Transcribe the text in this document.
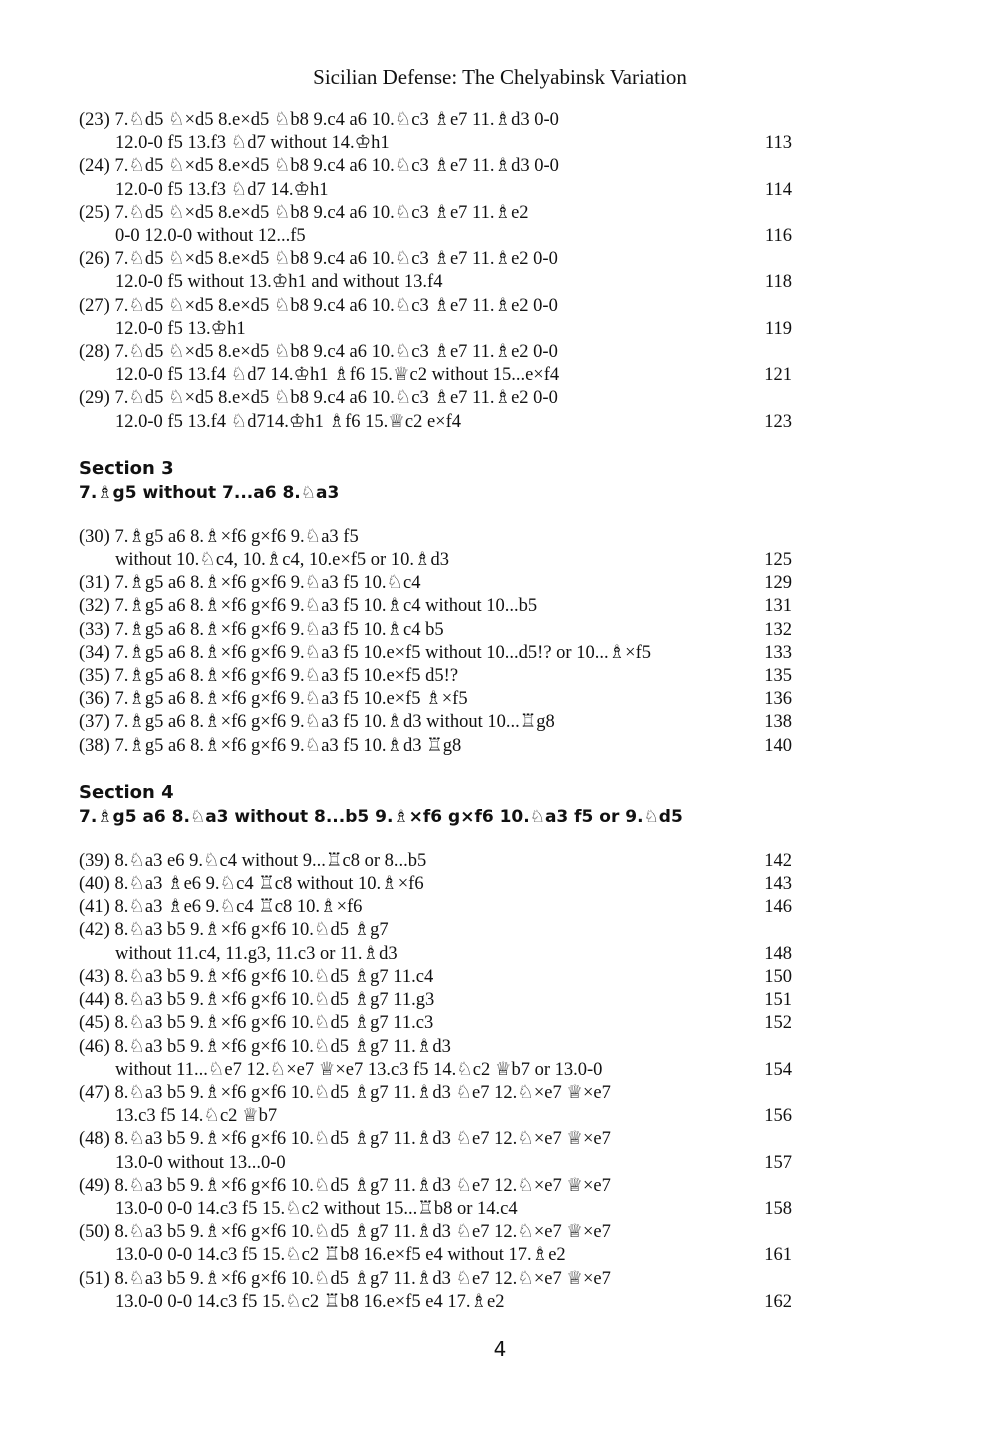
Sicilian Defense: The Chelyabinsk Variation
(23) 7.♘d5 ♘×d5 8.e×d5 ♘b8 9.c4 a6 10.♘c3 ♗e7 11.♗d3 0-0
12.0-0 f5 13.f3 ♘d7 without 14.♔h1	113
(24) 7.♘d5 ♘×d5 8.e×d5 ♘b8 9.c4 a6 10.♘c3 ♗e7 11.♗d3 0-0
12.0-0 f5 13.f3 ♘d7 14.♔h1	114
(25) 7.♘d5 ♘×d5 8.e×d5 ♘b8 9.c4 a6 10.♘c3 ♗e7 11.♗e2
0-0 12.0-0 without 12...f5	116
(26) 7.♘d5 ♘×d5 8.e×d5 ♘b8 9.c4 a6 10.♘c3 ♗e7 11.♗e2 0-0
12.0-0 f5 without 13.♔h1 and without 13.f4	118
(27) 7.♘d5 ♘×d5 8.e×d5 ♘b8 9.c4 a6 10.♘c3 ♗e7 11.♗e2 0-0
12.0-0 f5 13.♔h1	119
(28) 7.♘d5 ♘×d5 8.e×d5 ♘b8 9.c4 a6 10.♘c3 ♗e7 11.♗e2 0-0
12.0-0 f5 13.f4 ♘d7 14.♔h1 ♗f6 15.♕c2 without 15...e×f4	121
(29) 7.♘d5 ♘×d5 8.e×d5 ♘b8 9.c4 a6 10.♘c3 ♗e7 11.♗e2 0-0
12.0-0 f5 13.f4 ♘d714.♔h1 ♗f6 15.♕c2 e×f4	123
Section 3
7.♗g5 without 7...a6 8.♘a3
(30) 7.♗g5 a6 8.♗×f6 g×f6 9.♘a3 f5
without 10.♘c4, 10.♗c4, 10.e×f5 or 10.♗d3	125
(31) 7.♗g5 a6 8.♗×f6 g×f6 9.♘a3 f5 10.♘c4	129
(32) 7.♗g5 a6 8.♗×f6 g×f6 9.♘a3 f5 10.♗c4 without 10...b5	131
(33) 7.♗g5 a6 8.♗×f6 g×f6 9.♘a3 f5 10.♗c4 b5	132
(34) 7.♗g5 a6 8.♗×f6 g×f6 9.♘a3 f5 10.e×f5 without 10...d5!? or 10...♗×f5	133
(35) 7.♗g5 a6 8.♗×f6 g×f6 9.♘a3 f5 10.e×f5 d5!?	135
(36) 7.♗g5 a6 8.♗×f6 g×f6 9.♘a3 f5 10.e×f5 ♗×f5	136
(37) 7.♗g5 a6 8.♗×f6 g×f6 9.♘a3 f5 10.♗d3 without 10...♖g8	138
(38) 7.♗g5 a6 8.♗×f6 g×f6 9.♘a3 f5 10.♗d3 ♖g8	140
Section 4
7.♗g5 a6 8.♘a3 without 8...b5 9.♗×f6 g×f6 10.♘a3 f5 or 9.♘d5
(39) 8.♘a3 e6 9.♘c4 without 9...♖c8 or 8...b5	142
(40) 8.♘a3 ♗e6 9.♘c4 ♖c8 without 10.♗×f6	143
(41) 8.♘a3 ♗e6 9.♘c4 ♖c8 10.♗×f6	146
(42) 8.♘a3 b5 9.♗×f6 g×f6 10.♘d5 ♗g7
without 11.c4, 11.g3, 11.c3 or 11.♗d3	148
(43) 8.♘a3 b5 9.♗×f6 g×f6 10.♘d5 ♗g7 11.c4	150
(44) 8.♘a3 b5 9.♗×f6 g×f6 10.♘d5 ♗g7 11.g3	151
(45) 8.♘a3 b5 9.♗×f6 g×f6 10.♘d5 ♗g7 11.c3	152
(46) 8.♘a3 b5 9.♗×f6 g×f6 10.♘d5 ♗g7 11.♗d3
without 11...♘e7 12.♘×e7 ♕×e7 13.c3 f5 14.♘c2 ♕b7 or 13.0-0	154
(47) 8.♘a3 b5 9.♗×f6 g×f6 10.♘d5 ♗g7 11.♗d3 ♘e7 12.♘×e7 ♕×e7
13.c3 f5 14.♘c2 ♕b7	156
(48) 8.♘a3 b5 9.♗×f6 g×f6 10.♘d5 ♗g7 11.♗d3 ♘e7 12.♘×e7 ♕×e7
13.0-0 without 13...0-0	157
(49) 8.♘a3 b5 9.♗×f6 g×f6 10.♘d5 ♗g7 11.♗d3 ♘e7 12.♘×e7 ♕×e7
13.0-0 0-0 14.c3 f5 15.♘c2 without 15...♖b8 or 14.c4	158
(50) 8.♘a3 b5 9.♗×f6 g×f6 10.♘d5 ♗g7 11.♗d3 ♘e7 12.♘×e7 ♕×e7
13.0-0 0-0 14.c3 f5 15.♘c2 ♖b8 16.e×f5 e4 without 17.♗e2	161
(51) 8.♘a3 b5 9.♗×f6 g×f6 10.♘d5 ♗g7 11.♗d3 ♘e7 12.♘×e7 ♕×e7
13.0-0 0-0 14.c3 f5 15.♘c2 ♖b8 16.e×f5 e4 17.♗e2	162
4
